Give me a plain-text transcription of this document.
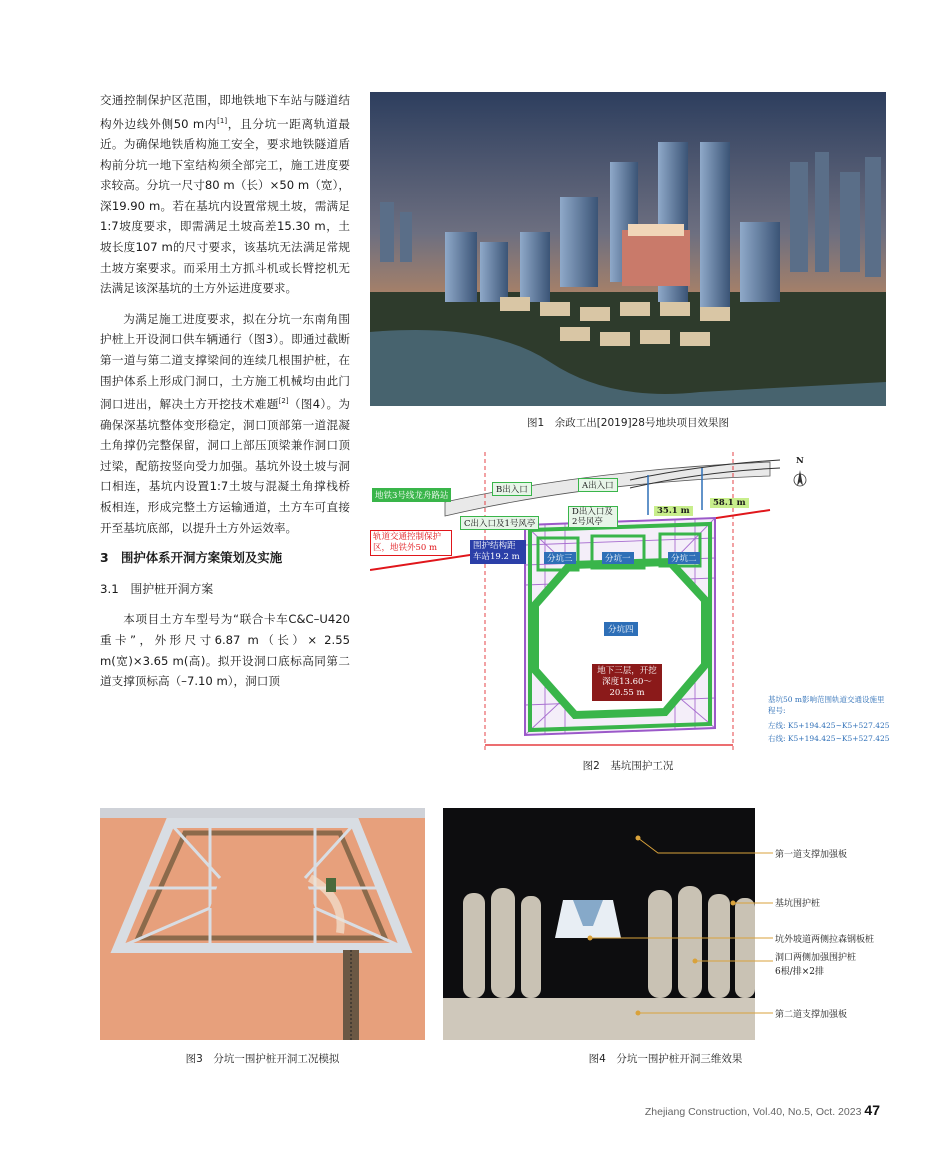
交通控制保护区范围，即地铁地下车站与隧道结构外边线外侧50 m内[1]，且分坑一距离轨道最近。为确保地铁盾构施工安全，要求地铁隧道盾构前分坑一地下室结构须全部完工，施工进度要求较高。分坑一尺寸80 m（长）×50 m（宽），深19.90 m。若在基坑内设置常规土坡，需满足1:7坡度要求，即需满足土坡高差15.30 m，土坡长度107 m的尺寸要求，该基坑无法满足常规土坡方案要求。而采用土方抓斗机或长臂挖机无法满足该深基坑的土方外运进度要求。

为满足施工进度要求，拟在分坑一东南角围护桩上开设洞口供车辆通行（图3）。即通过截断第一道与第二道支撑梁间的连续几根围护桩，在围护体系上形成门洞口，土方施工机械均由此门洞口进出，解决土方开挖技术难题[2]（图4）。为确保深基坑整体变形稳定，洞口顶部第一道混凝土角撑仍完整保留，洞口上部压顶梁兼作洞口顶过梁，配筋按竖向受力加强。基坑外设土坡与洞口相连，基坑内设置1:7土坡与混凝土角撑栈桥板相连，形成完整土方运输通道，土方车可直接开至基坑底部，以提升土方外运效率。

3　围护体系开洞方案策划及实施

3.1　围护桩开洞方案

本项目土方车型号为“联合卡车C&C–U420重卡”，外形尺寸6.87 m（长）× 2.55 m(宽)×3.65 m(高)。拟开设洞口底标高同第二道支撑顶标高（–7.10 m），洞口顶

图1　余政工出[2019]28号地块项目效果图
地铁3号线龙舟路站
B出入口	A出入口
C出入口及1号风亭
D出入口及2号风亭
35.1 m
58.1 m
轨道交通控制保护区，地铁外50 m	围护结构距车站19.2 m	分坑三	分坑一	分坑二
分坑四
地下三层，开挖深度13.60～20.55 m
N
基坑50 m影响范围轨道交通设施里程号:
左线: K5+194.425~K5+527.425
右线: K5+194.425~K5+527.425
图2　基坑围护工况
图3　分坑一围护桩开洞工况模拟
第一道支撑加强板
基坑围护桩
坑外坡道两侧拉森钢板桩
洞口两侧加强围护桩
6根/排×2排
第二道支撑加强板
图4　分坑一围护桩开洞三维效果
Zhejiang Construction, Vol.40, No.5, Oct. 2023 47
